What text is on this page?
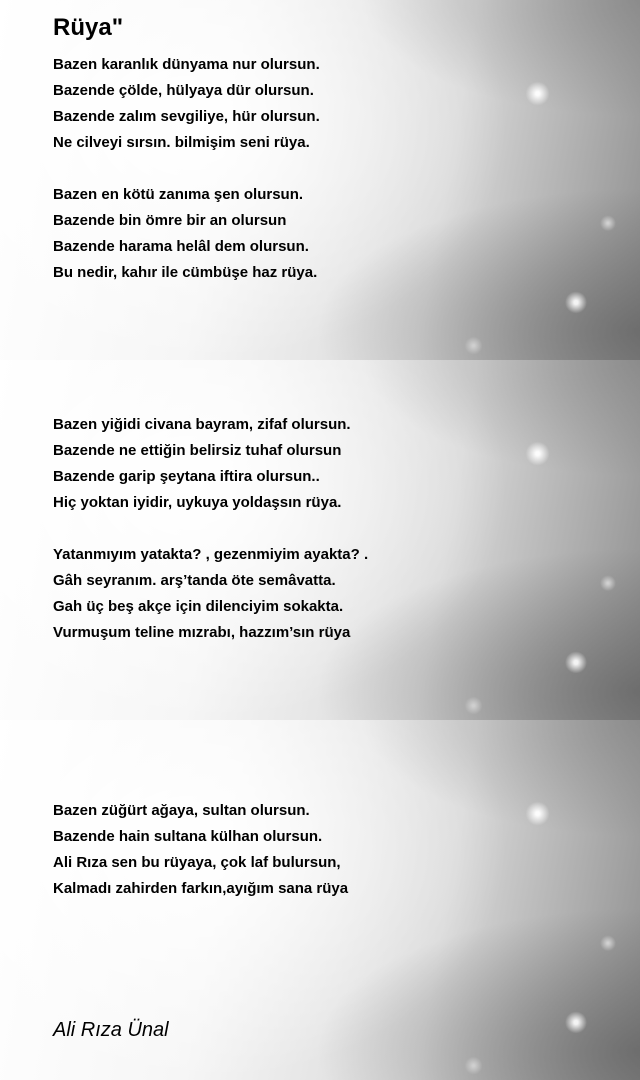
Rüya"
Bazen karanlık dünyama nur olursun.
Bazende çölde, hülyaya dür olursun.
Bazende zalım sevgiliye, hür olursun.
Ne cilveyi sırsın. bilmişim seni rüya.
Bazen en kötü zanıma şen olursun.
Bazende bin ömre bir an olursun
Bazende harama helâl dem olursun.
Bu nedir, kahır ile cümbüşe haz rüya.
Bazen yiğidi civana bayram, zifaf olursun.
Bazende ne ettiğin belirsiz tuhaf olursun
Bazende garip şeytana iftira olursun..
Hiç yoktan iyidir, uykuya yoldaşsın rüya.
Yatanmıyım yatakta? , gezenmiyim ayakta? .
Gâh seyranım. arş’tanda öte semâvatta.
Gah üç beş akçe için dilenciyim sokakta.
Vurmuşum teline mızrabı, hazzım’sın rüya
Bazen züğürt ağaya, sultan olursun.
Bazende hain sultana külhan olursun.
Ali Rıza sen bu rüyaya, çok laf bulursun,
Kalmadı zahirden farkın,ayığım sana rüya
Ali Rıza Ünal
